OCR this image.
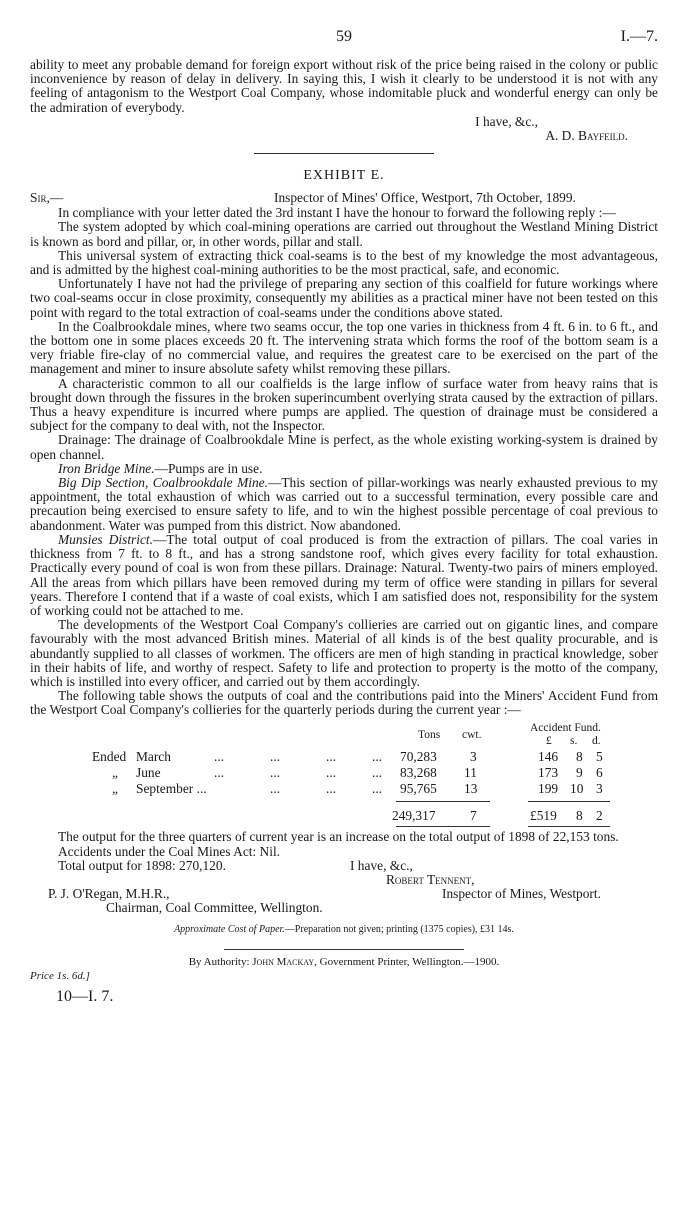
59	I.—7.

ability to meet any probable demand for foreign export without risk of the price being raised in the colony or public inconvenience by reason of delay in delivery. In saying this, I wish it clearly to be understood it is not with any feeling of antagonism to the Westport Coal Company, whose indomitable pluck and wonderful energy can only be the admiration of everybody.

I have, &c.,

A. D. Bayfeild.

EXHIBIT E.
Sir,—	Inspector of Mines' Office, Westport, 7th October, 1899.

In compliance with your letter dated the 3rd instant I have the honour to forward the following reply :—

The system adopted by which coal-mining operations are carried out throughout the Westland Mining District is known as bord and pillar, or, in other words, pillar and stall.

This universal system of extracting thick coal-seams is to the best of my knowledge the most advantageous, and is admitted by the highest coal-mining authorities to be the most practical, safe, and economic.

Unfortunately I have not had the privilege of preparing any section of this coalfield for future workings where two coal-seams occur in close proximity, consequently my abilities as a practical miner have not been tested on this point with regard to the total extraction of coal-seams under the conditions above stated.

In the Coalbrookdale mines, where two seams occur, the top one varies in thickness from 4 ft. 6 in. to 6 ft., and the bottom one in some places exceeds 20 ft. The intervening strata which forms the roof of the bottom seam is a very friable fire-clay of no commercial value, and requires the greatest care to be exercised on the part of the management and miner to insure absolute safety whilst removing these pillars.

A characteristic common to all our coalfields is the large inflow of surface water from heavy rains that is brought down through the fissures in the broken superincumbent overlying strata caused by the extraction of pillars. Thus a heavy expenditure is incurred where pumps are applied. The question of drainage must be considered a subject for the company to deal with, not the Inspector.

Drainage: The drainage of Coalbrookdale Mine is perfect, as the whole existing working-system is drained by open channel.

Iron Bridge Mine.—Pumps are in use.

Big Dip Section, Coalbrookdale Mine.—This section of pillar-workings was nearly exhausted previous to my appointment, the total exhaustion of which was carried out to a successful termination, every possible care and precaution being exercised to ensure safety to life, and to win the highest possible percentage of coal previous to abandonment. Water was pumped from this district. Now abandoned.

Munsies District.—The total output of coal produced is from the extraction of pillars. The coal varies in thickness from 7 ft. to 8 ft., and has a strong sandstone roof, which gives every facility for total exhaustion. Practically every pound of coal is won from these pillars. Drainage: Natural. Twenty-two pairs of miners employed. All the areas from which pillars have been removed during my term of office were standing in pillars for several years. Therefore I contend that if a waste of coal exists, which I am satisfied does not, responsibility for the system of working could not be attached to me.

The developments of the Westport Coal Company's collieries are carried out on gigantic lines, and compare favourably with the most advanced British mines. Material of all kinds is of the best quality procurable, and is abundantly supplied to all classes of workmen. The officers are men of high standing in practical knowledge, sober in their habits of life, and worthy of respect. Safety to life and protection to property is the motto of the company, which is instilled into every officer, and carried out by them accordingly.

The following table shows the outputs of coal and the contributions paid into the Miners' Accident Fund from the Westport Coal Company's collieries for the quarterly periods during the current year :—

Accident Fund.
Tons cwt.	£ s. d.
Ended March	...	...	...	... 70,283 3	146 8 5
„ June	...	...	...	... 83,268 11	173 9 6
„ September ...	...	...	... 95,765 13	199 10 3
249,317	7	£519 8 2

The output for the three quarters of current year is an increase on the total output of 1898 of 22,153 tons.

Accidents under the Coal Mines Act: Nil.
Total output for 1898: 270,120.	I have, &c.,
Robert Tennent,
Inspector of Mines, Westport.
P. J. O'Regan, M.H.R.,
Chairman, Coal Committee, Wellington.
Approximate Cost of Paper.—Preparation not given; printing (1375 copies), £31 14s.
By Authority: John Mackay, Government Printer, Wellington.—1900.
Price 1s. 6d.]
10—I. 7.
